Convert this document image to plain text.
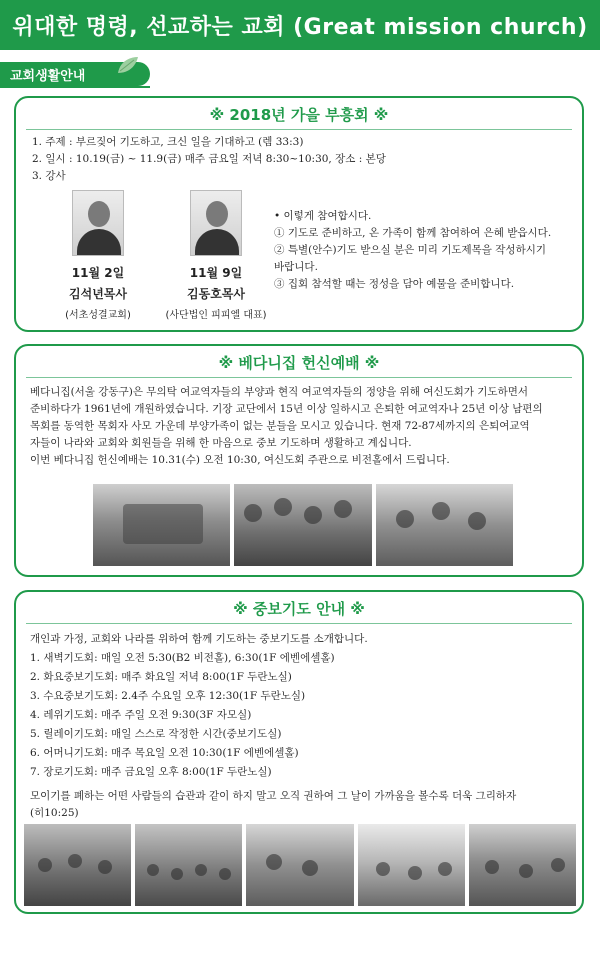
위대한 명령, 선교하는 교회 (Great mission church)
교회생활안내
※ 2018년 가을 부흥회 ※
1. 주제 : 부르짖어 기도하고, 크신 일을 기대하고 (렘 33:3)
2. 일시 : 10.19(금) ~ 11.9(금) 매주 금요일 저녁 8:30~10:30, 장소 : 본당
3. 강사
11월 2일
김석년목사
(서초성결교회)
11월 9일
김동호목사
(사단법인 피피엘 대표)
• 이렇게 참여합시다.
① 기도로 준비하고, 온 가족이 함께 참여하여 은혜 받읍시다.
② 특별(안수)기도 받으실 분은 미리 기도제목을 작성하시기
바랍니다.
③ 집회 참석할 때는 정성을 담아 예물을 준비합니다.
※ 베다니집 헌신예배 ※
베다니집(서울 강동구)은 무의탁 여교역자들의 부양과 현직 여교역자들의 정양을 위해 여신도회가 기도하면서
준비하다가 1961년에 개원하였습니다. 기장 교단에서 15년 이상 일하시고 은퇴한 여교역자나 25년 이상 남편의
목회를 동역한 목회자 사모 가운데 부양가족이 없는 분들을 모시고 있습니다. 현재 72-87세까지의 은퇴여교역
자들이 나라와 교회와 회원들을 위해 한 마음으로 중보 기도하며 생활하고 계십니다.
이번 베다니집 헌신예배는 10.31(수) 오전 10:30, 여신도회 주관으로 비전홀에서 드립니다.
※ 중보기도 안내 ※
개인과 가정, 교회와 나라를 위하여 함께 기도하는 중보기도를 소개합니다.
1. 새벽기도회: 매일 오전 5:30(B2 비전홀), 6:30(1F 에벤에셀홀)
2. 화요중보기도회: 매주 화요일 저녁 8:00(1F 두란노실)
3. 수요중보기도회: 2.4주 수요일 오후 12:30(1F 두란노실)
4. 레위기도회: 매주 주일 오전 9:30(3F 자모실)
5. 릴레이기도회: 매일 스스로 작정한 시간(중보기도실)
6. 어머니기도회: 매주 목요일 오전 10:30(1F 에벤에셀홀)
7. 장로기도회: 매주 금요일 오후 8:00(1F 두란노실)
모이기를 폐하는 어떤 사람들의 습관과 같이 하지 말고 오직 권하여 그 날이 가까움을 볼수록 더욱 그리하자
(히10:25)
